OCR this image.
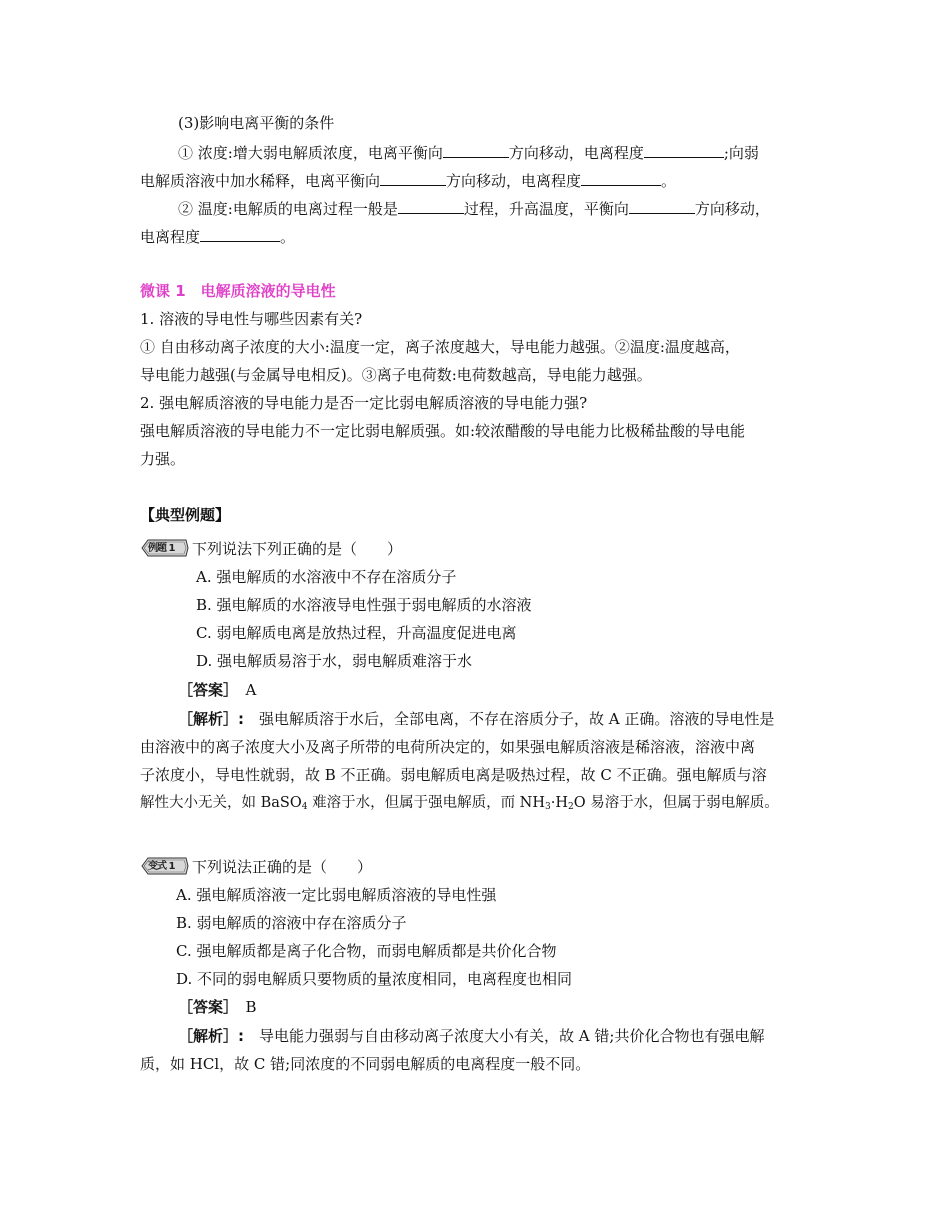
(3)影响电离平衡的条件
① 浓度:增大弱电解质浓度，电离平衡向	方向移动，电离程度	;向弱
电解质溶液中加水稀释，电离平衡向	方向移动，电离程度	。
② 温度:电解质的电离过程一般是	过程，升高温度，平衡向	方向移动，
电离程度	。
微课 1　电解质溶液的导电性
1. 溶液的导电性与哪些因素有关?
① 自由移动离子浓度的大小:温度一定，离子浓度越大，导电能力越强。②温度:温度越高，
导电能力越强(与金属导电相反)。③离子电荷数:电荷数越高，导电能力越强。
2. 强电解质溶液的导电能力是否一定比弱电解质溶液的导电能力强?
强电解质溶液的导电能力不一定比弱电解质强。如:较浓醋酸的导电能力比极稀盐酸的导电能
力强。
【典型例题】
例题 1 下列说法下列正确的是（　　）
A. 强电解质的水溶液中不存在溶质分子
B. 强电解质的水溶液导电性强于弱电解质的水溶液
C. 弱电解质电离是放热过程，升高温度促进电离
D. 强电解质易溶于水，弱电解质难溶于水
［答案］　 A
［解析］:　 强电解质溶于水后，全部电离，不存在溶质分子，故 A 正确。溶液的导电性是
由溶液中的离子浓度大小及离子所带的电荷所决定的，如果强电解质溶液是稀溶液，溶液中离
子浓度小，导电性就弱，故 B 不正确。弱电解质电离是吸热过程，故 C 不正确。强电解质与溶
解性大小无关，如 BaSO$_4$ 难溶于水，但属于强电解质，而 $NH_3\cdot H_2O$ 易溶于水，但属于弱电解质。
变式 1 下列说法正确的是（　　）
A. 强电解质溶液一定比弱电解质溶液的导电性强
B. 弱电解质的溶液中存在溶质分子
C. 强电解质都是离子化合物，而弱电解质都是共价化合物
D. 不同的弱电解质只要物质的量浓度相同，电离程度也相同
［答案］　 B
［解析］:　 导电能力强弱与自由移动离子浓度大小有关，故 A 错;共价化合物也有强电解
质，如 HCl，故 C 错;同浓度的不同弱电解质的电离程度一般不同。
